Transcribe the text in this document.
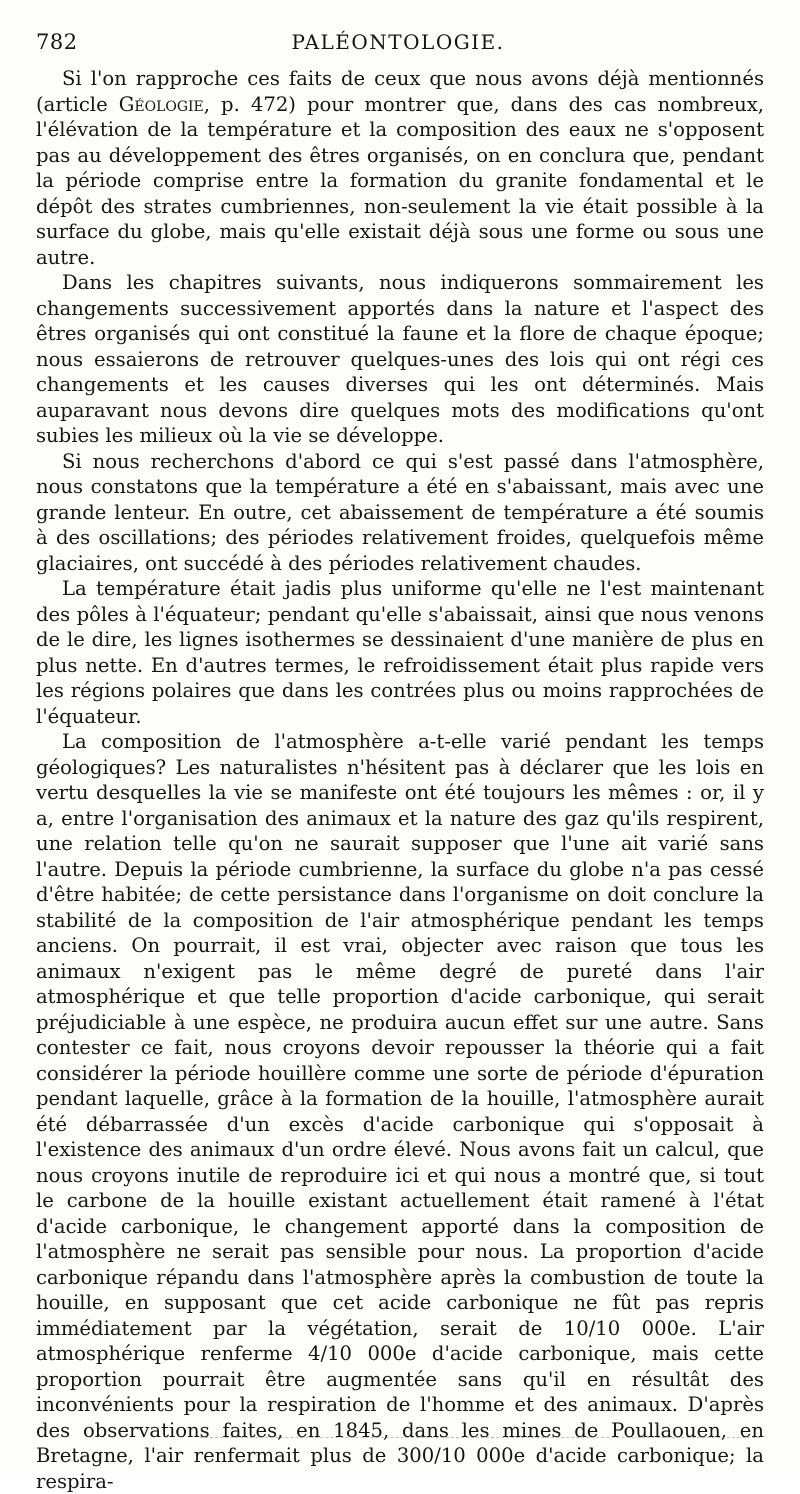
782	PALÉONTOLOGIE.

Si l'on rapproche ces faits de ceux que nous avons déjà mentionnés (article Géologie, p. 472) pour montrer que, dans des cas nombreux, l'élévation de la température et la composition des eaux ne s'opposent pas au développement des êtres organisés, on en conclura que, pendant la période comprise entre la formation du granite fondamental et le dépôt des strates cumbriennes, non-seulement la vie était possible à la surface du globe, mais qu'elle existait déjà sous une forme ou sous une autre.

Dans les chapitres suivants, nous indiquerons sommairement les changements successivement apportés dans la nature et l'aspect des êtres organisés qui ont constitué la faune et la flore de chaque époque; nous essaierons de retrouver quelques-unes des lois qui ont régi ces changements et les causes diverses qui les ont déterminés. Mais auparavant nous devons dire quelques mots des modifications qu'ont subies les milieux où la vie se développe.

Si nous recherchons d'abord ce qui s'est passé dans l'atmosphère, nous constatons que la température a été en s'abaissant, mais avec une grande lenteur. En outre, cet abaissement de température a été soumis à des oscillations; des périodes relativement froides, quelquefois même glaciaires, ont succédé à des périodes relativement chaudes.

La température était jadis plus uniforme qu'elle ne l'est maintenant des pôles à l'équateur; pendant qu'elle s'abaissait, ainsi que nous venons de le dire, les lignes isothermes se dessinaient d'une manière de plus en plus nette. En d'autres termes, le refroidissement était plus rapide vers les régions polaires que dans les contrées plus ou moins rapprochées de l'équateur.

La composition de l'atmosphère a-t-elle varié pendant les temps géologiques? Les naturalistes n'hésitent pas à déclarer que les lois en vertu desquelles la vie se manifeste ont été toujours les mêmes : or, il y a, entre l'organisation des animaux et la nature des gaz qu'ils respirent, une relation telle qu'on ne saurait supposer que l'une ait varié sans l'autre. Depuis la période cumbrienne, la surface du globe n'a pas cessé d'être habitée; de cette persistance dans l'organisme on doit conclure la stabilité de la composition de l'air atmosphérique pendant les temps anciens. On pourrait, il est vrai, objecter avec raison que tous les animaux n'exigent pas le même degré de pureté dans l'air atmosphérique et que telle proportion d'acide carbonique, qui serait préjudiciable à une espèce, ne produira aucun effet sur une autre. Sans contester ce fait, nous croyons devoir repousser la théorie qui a fait considérer la période houillère comme une sorte de période d'épuration pendant laquelle, grâce à la formation de la houille, l'atmosphère aurait été débarrassée d'un excès d'acide carbonique qui s'opposait à l'existence des animaux d'un ordre élevé. Nous avons fait un calcul, que nous croyons inutile de reproduire ici et qui nous a montré que, si tout le carbone de la houille existant actuellement était ramené à l'état d'acide carbonique, le changement apporté dans la composition de l'atmosphère ne serait pas sensible pour nous. La proportion d'acide carbonique répandu dans l'atmosphère après la combustion de toute la houille, en supposant que cet acide carbonique ne fût pas repris immédiatement par la végétation, serait de 10/10 000e. L'air atmosphérique renferme 4/10 000e d'acide carbonique, mais cette proportion pourrait être augmentée sans qu'il en résultât des inconvénients pour la respiration de l'homme et des animaux. D'après des observations faites, en 1845, dans les mines de Poullaouen, en Bretagne, l'air renfermait plus de 300/10 000e d'acide carbonique; la respira-
